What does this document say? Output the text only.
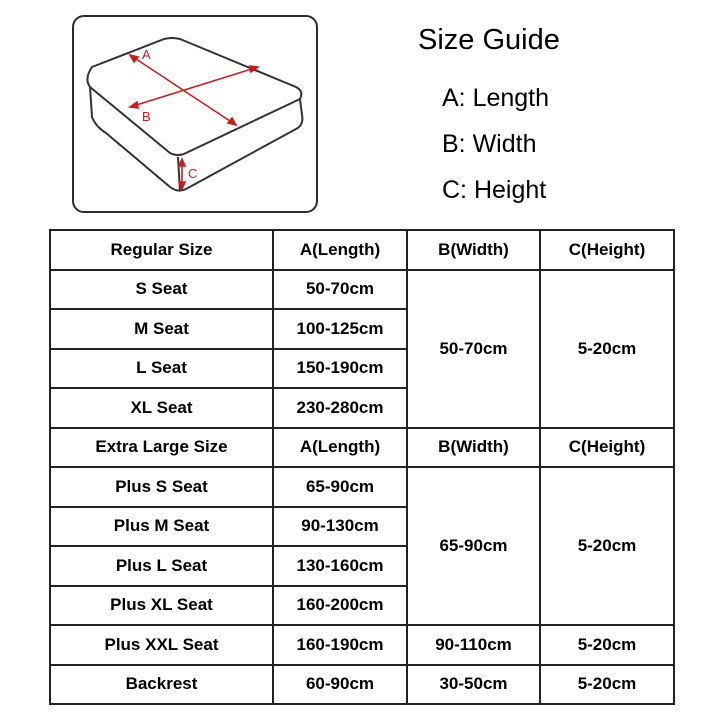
A
B
C
Size Guide
A: Length
B: Width
C: Height
Regular Size	A(Length)	B(Width)	C(Height)
S Seat	50-70cm	50-70cm	5-20cm
M Seat	100-125cm		
L Seat	150-190cm		
XL Seat	230-280cm		
Extra Large Size	A(Length)	B(Width)	C(Height)
Plus S Seat	65-90cm	65-90cm	5-20cm
Plus M Seat	90-130cm		
Plus L Seat	130-160cm		
Plus XL Seat	160-200cm		
Plus XXL Seat	160-190cm	90-110cm	5-20cm
Backrest	60-90cm	30-50cm	5-20cm
